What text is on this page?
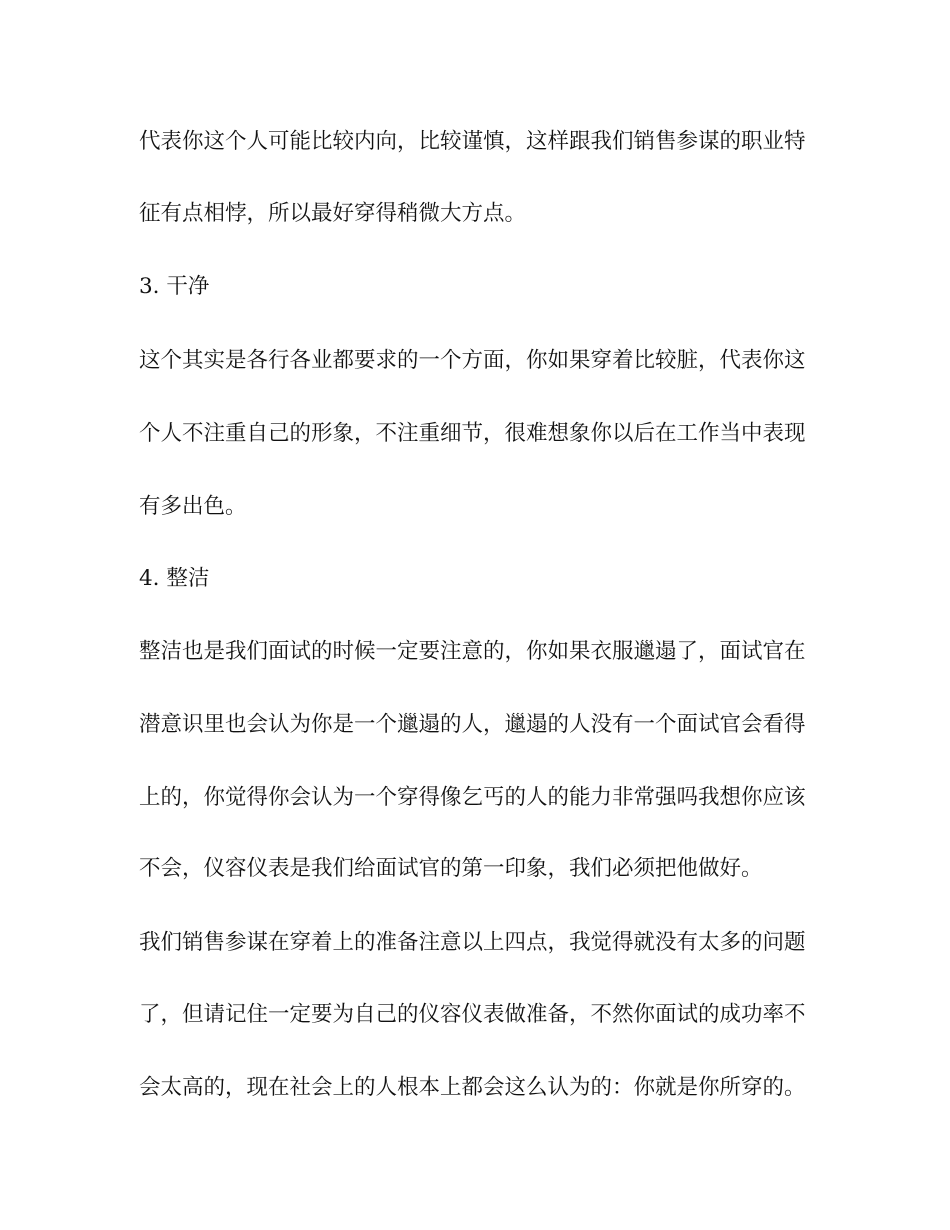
代表你这个人可能比较内向，比较谨慎，这样跟我们销售参谋的职业特
征有点相悖，所以最好穿得稍微大方点。
3. 干净
这个其实是各行各业都要求的一个方面，你如果穿着比较脏，代表你这
个人不注重自己的形象，不注重细节，很难想象你以后在工作当中表现
有多出色。
4. 整洁
整洁也是我们面试的时候一定要注意的，你如果衣服邋遢了，面试官在
潜意识里也会认为你是一个邋遢的人，邋遢的人没有一个面试官会看得
上的，你觉得你会认为一个穿得像乞丐的人的能力非常强吗我想你应该
不会，仪容仪表是我们给面试官的第一印象，我们必须把他做好。
我们销售参谋在穿着上的准备注意以上四点，我觉得就没有太多的问题
了，但请记住一定要为自己的仪容仪表做准备，不然你面试的成功率不
会太高的，现在社会上的人根本上都会这么认为的：你就是你所穿的。
